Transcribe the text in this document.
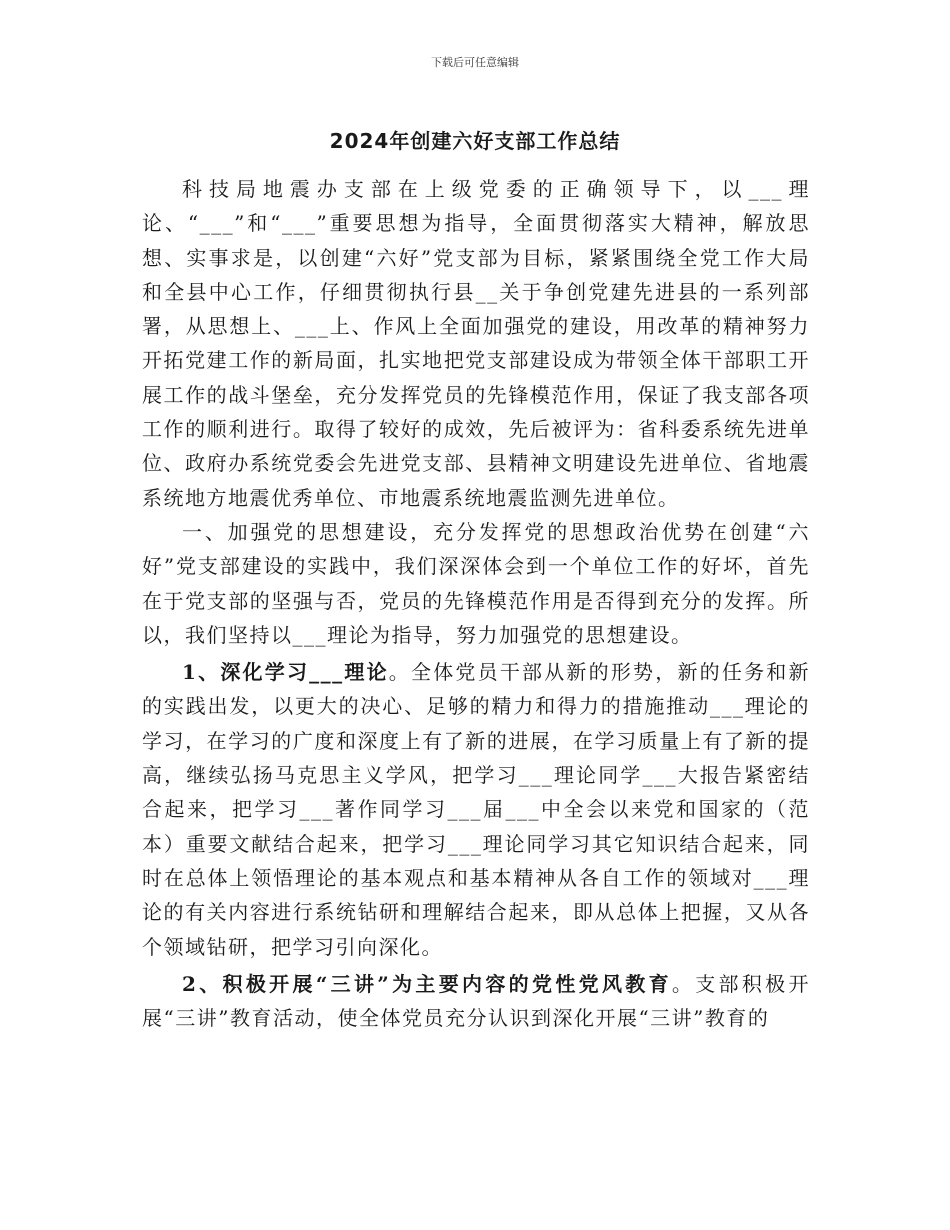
下载后可任意编辑
2024年创建六好支部工作总结

科技局地震办支部在上级党委的正确领导下，以___理论、“___”和“___”重要思想为指导，全面贯彻落实大精神，解放思想、实事求是，以创建“六好”党支部为目标，紧紧围绕全党工作大局和全县中心工作，仔细贯彻执行县__关于争创党建先进县的一系列部署，从思想上、___上、作风上全面加强党的建设，用改革的精神努力开拓党建工作的新局面，扎实地把党支部建设成为带领全体干部职工开展工作的战斗堡垒，充分发挥党员的先锋模范作用，保证了我支部各项工作的顺利进行。取得了较好的成效，先后被评为：省科委系统先进单位、政府办系统党委会先进党支部、县精神文明建设先进单位、省地震系统地方地震优秀单位、市地震系统地震监测先进单位。

一、加强党的思想建设，充分发挥党的思想政治优势在创建“六好”党支部建设的实践中，我们深深体会到一个单位工作的好坏，首先在于党支部的坚强与否，党员的先锋模范作用是否得到充分的发挥。所以，我们坚持以___理论为指导，努力加强党的思想建设。

1、深化学习___理论。全体党员干部从新的形势，新的任务和新的实践出发，以更大的决心、足够的精力和得力的措施推动___理论的学习，在学习的广度和深度上有了新的进展，在学习质量上有了新的提高，继续弘扬马克思主义学风，把学习___理论同学___大报告紧密结合起来，把学习___著作同学习___届___中全会以来党和国家的（范本）重要文献结合起来，把学习___理论同学习其它知识结合起来，同时在总体上领悟理论的基本观点和基本精神从各自工作的领域对___理论的有关内容进行系统钻研和理解结合起来，即从总体上把握，又从各个领域钻研，把学习引向深化。

2、积极开展“三讲”为主要内容的党性党风教育。支部积极开展“三讲”教育活动，使全体党员充分认识到深化开展“三讲”教育的
